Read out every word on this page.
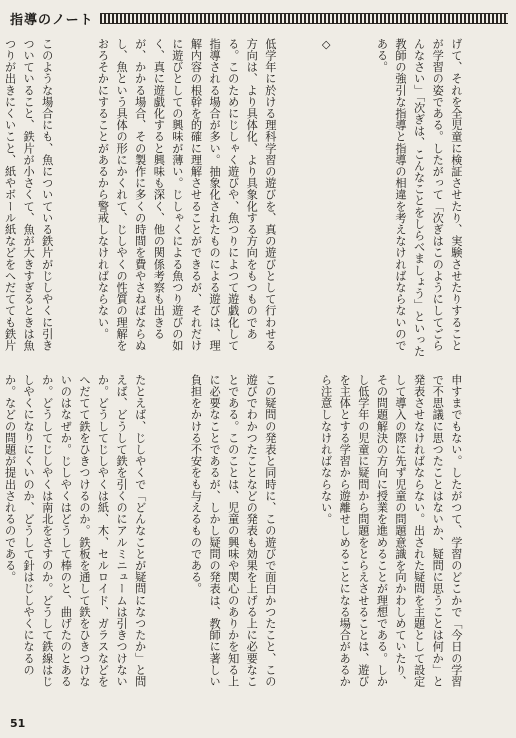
指導のノート

げて、それを全児童に検証させたり、実験させたりすることが学習の姿である。したがって「次ぎはこのようにしてごらんなさい」「次ぎは、こんなことをしらべましょう」といった教師の強引な指導と指導の相違を考えなければならないのである。

◇

低学年に於ける理科学習の遊びを、真の遊びとして行わせる方向は、より具体化、より具象化する方向をもつものである。このためにじしゃく遊びや、魚つりによつて遊戯化して指導される場合が多い。抽象化されたものによる遊びは、理解内容の根幹を的確に理解させることができるが、それだけに遊びとしての興味が薄い。じしゃくによる魚つり遊びの如く、真に遊戯化すると興味も深く、他の関係考察も出きるが、かかる場合、その製作に多くの時間を費やさねばならぬし、魚という具体の形にかくれて、じしやくの性質の理解をおろそかにすることがあるから警戒しなければならない。

このような場合にも、魚についている鉄片がじしやくに引きついていること、鉄片が小さくて、魚が大きすぎるときは魚つりが出きにくいこと、紙やボール紙などをへだてても鉄片

申すまでもない。したがつて、学習のどこかで「今日の学習で不思議に思つたことはないか、疑問に思うことは何か」と発表させなければならない。出された疑問を主題として設定して導入の際に先ず児童の問題意識を向かわしめていたり、その問題解決の方向に授業を進めることが理想である。しかし低学年の児童に疑問から問題をとらえさせることは、遊びを主体とする学習から遊離せしめることになる場合があるから注意しなければならない。

この疑問の発表と同時に、この遊びで面白かつたこと、この遊びでわかつたことなどの発表も効果を上げる上に必要なことである。このことは、児童の興味や関心のありかを知る上に必要なことであるが、しかし疑問の発表は、教師に著しい負担をかける不安をも与えるものである。

たとえば、じしやくで「どんなことが疑問になつたか」と問えば、どうして鉄を引くのにアルミニュームは引きつけないか。どうしてじしやくは紙、木、セルロイド、ガラスなどをへだてて鉄をひきつけるのか。鉄板を通して鉄をひきつけないのはなぜか。じしやくはどうして棒のと、曲げたのとあるか。どうしてじしやくは南北をさすのか。どうして鉄線はじしやくになりにくいのか、どうして針はじしやくになるのか。などの問題が提出されるのである。

51
